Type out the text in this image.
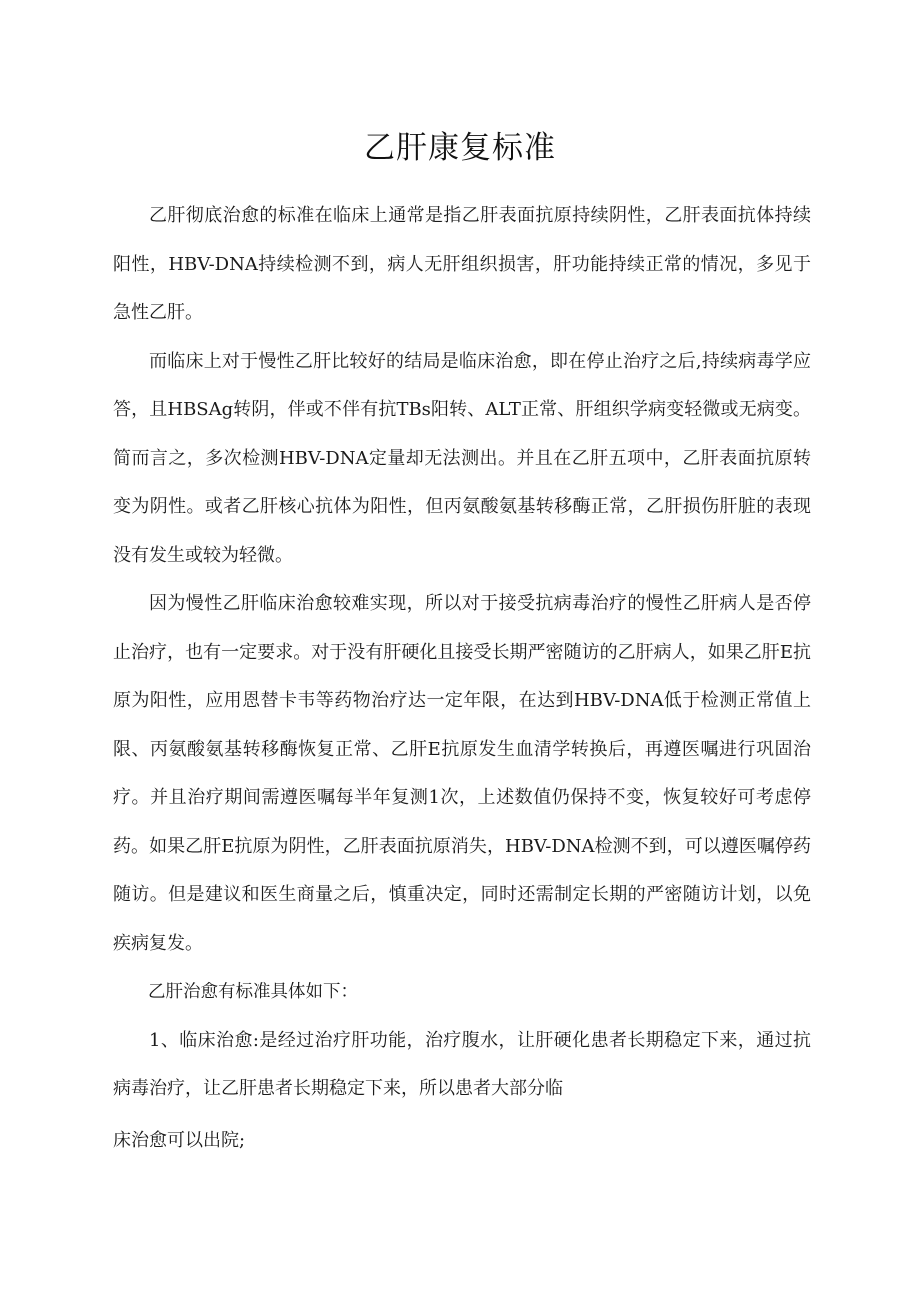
乙肝康复标准

乙肝彻底治愈的标准在临床上通常是指乙肝表面抗原持续阴性，乙肝表面抗体持续阳性，HBV-DNA持续检测不到，病人无肝组织损害，肝功能持续正常的情况，多见于急性乙肝。

而临床上对于慢性乙肝比较好的结局是临床治愈，即在停止治疗之后,持续病毒学应答，且HBSAg转阴，伴或不伴有抗TBs阳转、ALT正常、肝组织学病变轻微或无病变。简而言之，多次检测HBV-DNA定量却无法测出。并且在乙肝五项中，乙肝表面抗原转变为阴性。或者乙肝核心抗体为阳性，但丙氨酸氨基转移酶正常，乙肝损伤肝脏的表现没有发生或较为轻微。

因为慢性乙肝临床治愈较难实现，所以对于接受抗病毒治疗的慢性乙肝病人是否停止治疗，也有一定要求。对于没有肝硬化且接受长期严密随访的乙肝病人，如果乙肝E抗原为阳性，应用恩替卡韦等药物治疗达一定年限，在达到HBV-DNA低于检测正常值上限、丙氨酸氨基转移酶恢复正常、乙肝E抗原发生血清学转换后，再遵医嘱进行巩固治疗。并且治疗期间需遵医嘱每半年复测1次，上述数值仍保持不变，恢复较好可考虑停药。如果乙肝E抗原为阴性，乙肝表面抗原消失，HBV-DNA检测不到，可以遵医嘱停药随访。但是建议和医生商量之后，慎重决定，同时还需制定长期的严密随访计划，以免疾病复发。

乙肝治愈有标准具体如下：

1、临床治愈:是经过治疗肝功能，治疗腹水，让肝硬化患者长期稳定下来，通过抗病毒治疗，让乙肝患者长期稳定下来，所以患者大部分临

床治愈可以出院;
